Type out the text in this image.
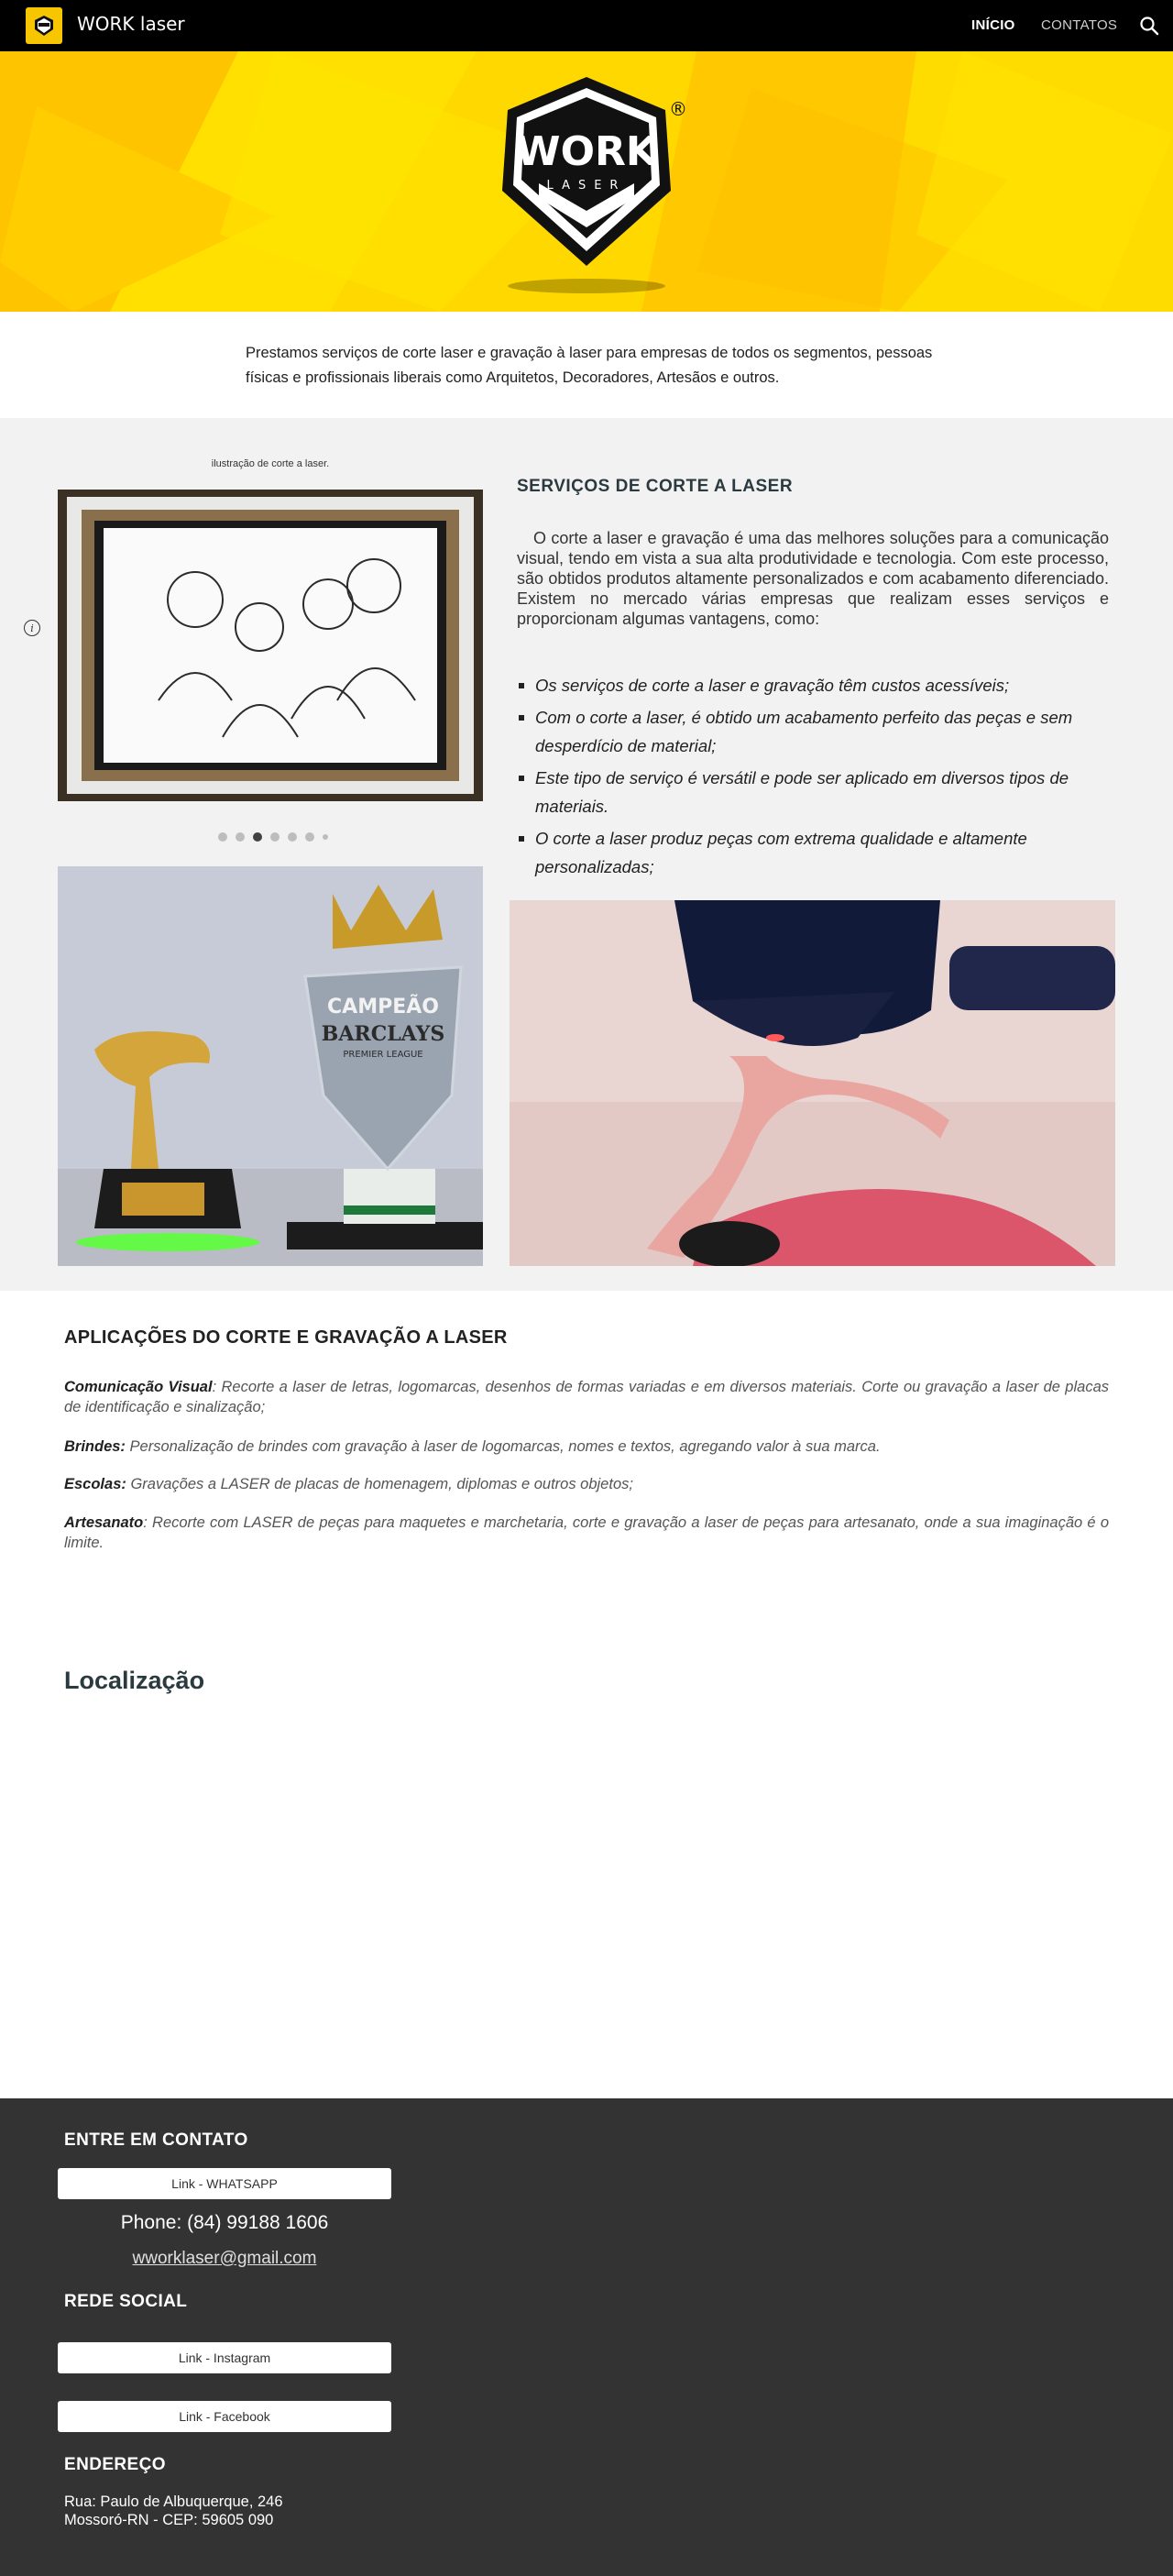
WORK laser	INÍCIO CONTATOS
WORK
LASER
®

Prestamos serviços de corte laser e gravação à laser para empresas de todos os segmentos, pessoas físicas e profissionais liberais como Arquitetos, Decoradores, Artesãos e outros.

i

ilustração de corte a laser.

CAMPEÃO
BARCLAYS
PREMIER LEAGUE
SERVIÇOS DE CORTE A LASER

O corte a laser e gravação é uma das melhores soluções para a comunicação visual, tendo em vista a sua alta produtividade e tecnologia. Com este processo, são obtidos produtos altamente personalizados e com acabamento diferenciado. Existem no mercado várias empresas que realizam esses serviços e proporcionam algumas vantagens, como:

Os serviços de corte a laser e gravação têm custos acessíveis;
Com o corte a laser, é obtido um acabamento perfeito das peças e sem desperdício de material;
Este tipo de serviço é versátil e pode ser aplicado em diversos tipos de materiais.
O corte a laser produz peças com extrema qualidade e altamente personalizadas;
APLICAÇÕES DO CORTE E GRAVAÇÃO A LASER

Comunicação Visual: Recorte a laser de letras, logomarcas, desenhos de formas variadas e em diversos materiais. Corte ou gravação a laser de placas de identificação e sinalização;

Brindes: Personalização de brindes com gravação à laser de logomarcas, nomes e textos, agregando valor à sua marca.

Escolas: Gravações a LASER de placas de homenagem, diplomas e outros objetos;

Artesanato: Recorte com LASER de peças para maquetes e marchetaria, corte e gravação a laser de peças para artesanato, onde a sua imaginação é o limite.

Localização
ENTRE EM CONTATO
Link - WHATSAPP

Phone: (84) 99188 1606

wworklaser@gmail.com
REDE SOCIAL
Link - Instagram
Link - Facebook
ENDEREÇO

Rua: Paulo de Albuquerque, 246

Mossoró-RN - CEP: 59605 090
